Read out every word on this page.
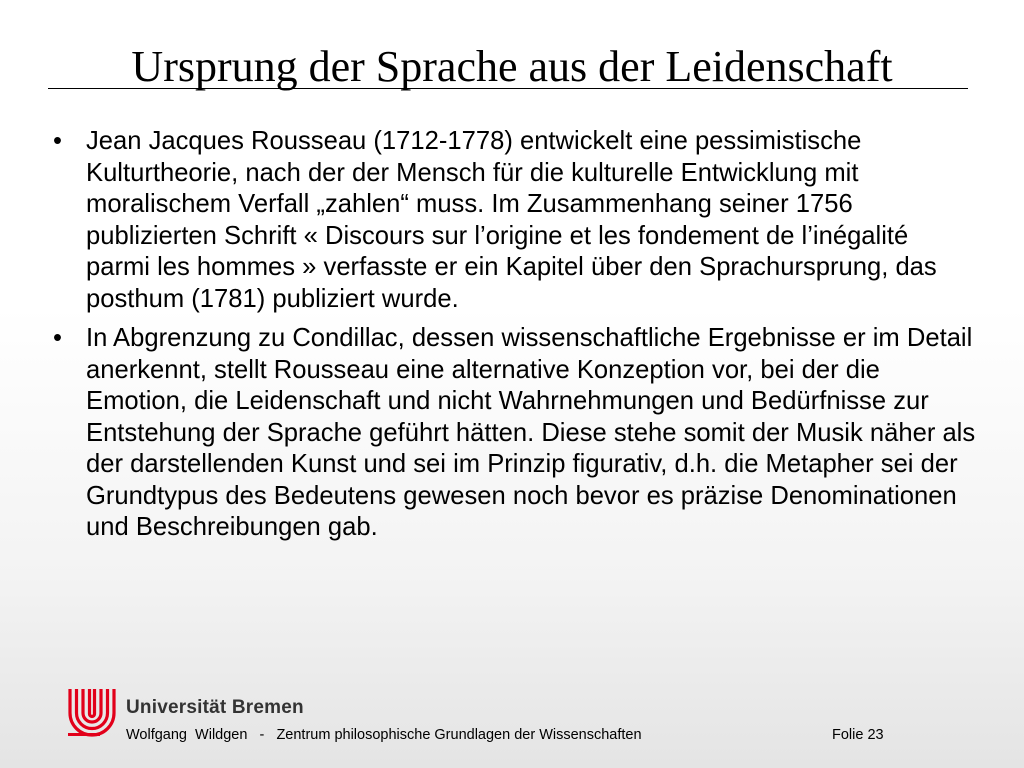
Ursprung der Sprache aus der Leidenschaft
• Jean Jacques Rousseau (1712-1778) entwickelt eine pessimistische Kulturtheorie, nach der der Mensch für die kulturelle Entwicklung mit moralischem Verfall „zahlen“ muss. Im Zusammenhang seiner 1756 publizierten Schrift « Discours sur l’origine et les fondement de l’inégalité parmi les hommes » verfasste er ein Kapitel über den Sprachursprung, das posthum (1781) publiziert wurde.
• In Abgrenzung zu Condillac, dessen wissenschaftliche Ergebnisse er im Detail anerkennt, stellt Rousseau eine alternative Konzeption vor, bei der die Emotion, die Leidenschaft und nicht Wahrnehmungen und Bedürfnisse zur Entstehung der Sprache geführt hätten. Diese stehe somit der Musik näher als der darstellenden Kunst und sei im Prinzip figurativ, d.h. die Metapher sei der Grundtypus des Bedeutens gewesen noch bevor es präzise Denominationen und Beschreibungen gab.
Universität Bremen
Wolfgang  Wildgen   -   Zentrum philosophische Grundlagen der Wissenschaften	Folie 23
